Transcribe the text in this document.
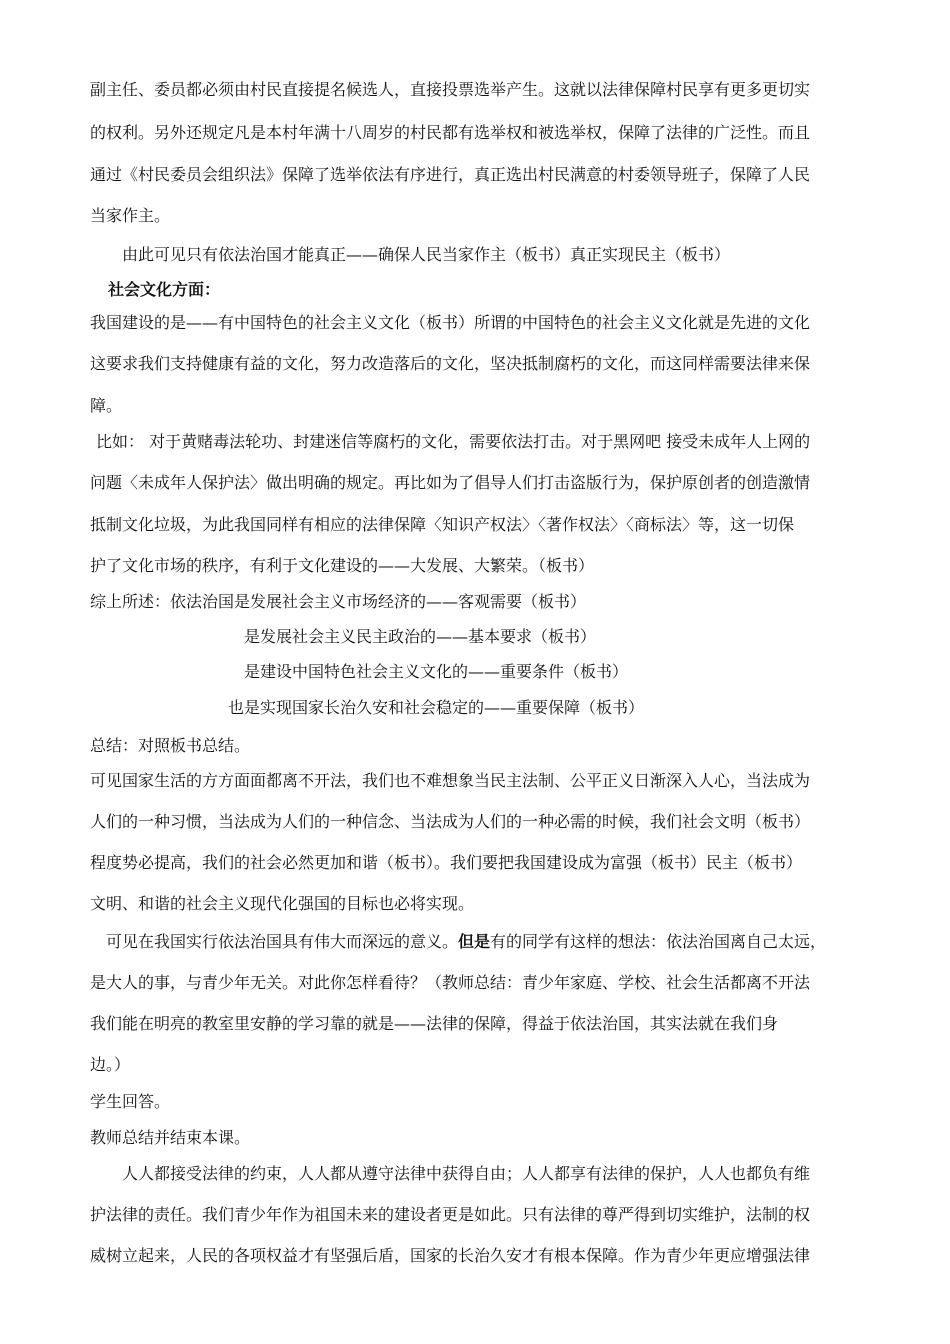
副主任、委员都必须由村民直接提名候选人，直接投票选举产生。这就以法律保障村民享有更多更切实
的权利。另外还规定凡是本村年满十八周岁的村民都有选举权和被选举权，保障了法律的广泛性。而且
通过《村民委员会组织法》保障了选举依法有序进行，真正选出村民满意的村委领导班子，保障了人民
当家作主。
由此可见只有依法治国才能真正——确保人民当家作主（板书）真正实现民主（板书）
社会文化方面：
我国建设的是——有中国特色的社会主义文化（板书）所谓的中国特色的社会主义文化就是先进的文化
这要求我们支持健康有益的文化，努力改造落后的文化，坚决抵制腐朽的文化，而这同样需要法律来保
障。
比如： 对于黄赌毒法轮功、封建迷信等腐朽的文化，需要依法打击。对于黑网吧 接受未成年人上网的
问题〈未成年人保护法〉做出明确的规定。再比如为了倡导人们打击盗版行为，保护原创者的创造激情
抵制文化垃圾，为此我国同样有相应的法律保障〈知识产权法〉〈著作权法〉〈商标法〉等，这一切保
护了文化市场的秩序，有利于文化建设的——大发展、大繁荣。（板书）
综上所述：依法治国是发展社会主义市场经济的——客观需要（板书）
是发展社会主义民主政治的——基本要求（板书）
是建设中国特色社会主义文化的——重要条件（板书）
也是实现国家长治久安和社会稳定的——重要保障（板书）
总结：对照板书总结。
可见国家生活的方方面面都离不开法，我们也不难想象当民主法制、公平正义日渐深入人心，当法成为
人们的一种习惯，当法成为人们的一种信念、当法成为人们的一种必需的时候，我们社会文明（板书）
程度势必提高，我们的社会必然更加和谐（板书）。我们要把我国建设成为富强（板书）民主（板书）
文明、和谐的社会主义现代化强国的目标也必将实现。
可见在我国实行依法治国具有伟大而深远的意义。但是有的同学有这样的想法：依法治国离自己太远，
是大人的事，与青少年无关。对此你怎样看待？（教师总结：青少年家庭、学校、社会生活都离不开法
我们能在明亮的教室里安静的学习靠的就是——法律的保障，得益于依法治国，其实法就在我们身
边。）
学生回答。
教师总结并结束本课。
人人都接受法律的约束，人人都从遵守法律中获得自由；人人都享有法律的保护，人人也都负有维
护法律的责任。我们青少年作为祖国未来的建设者更是如此。只有法律的尊严得到切实维护，法制的权
威树立起来，人民的各项权益才有坚强后盾，国家的长治久安才有根本保障。作为青少年更应增强法律
